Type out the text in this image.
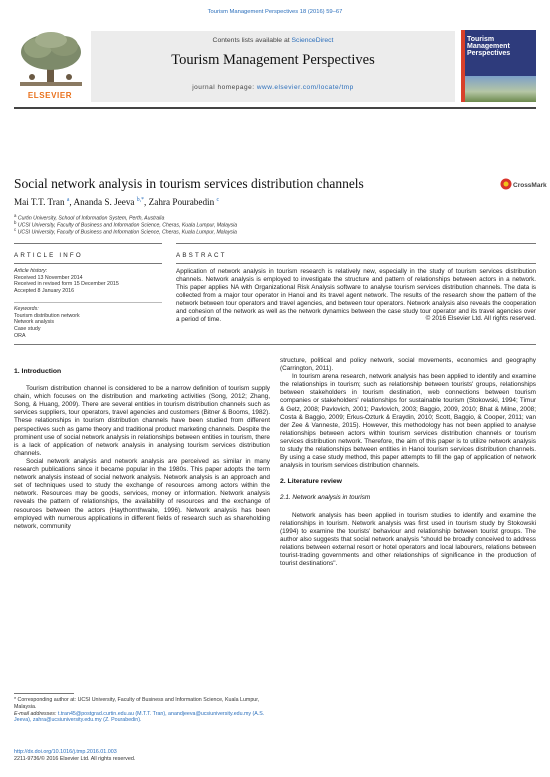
Tourism Management Perspectives 18 (2016) 59–67
ELSEVIER
Contents lists available at ScienceDirect
Tourism Management Perspectives
journal homepage: www.elsevier.com/locate/tmp
Tourism
Management
Perspectives
Social network analysis in tourism services distribution channels	CrossMark
Mai T.T. Tran $^a$, Ananda S. Jeeva $^{b,*}$, Zahra Pourabedin $^c$
$^a$ Curtin University, School of Information System, Perth, Australia
$^b$ UCSI University, Faculty of Business and Information Science, Cheras, Kuala Lumpur, Malaysia
$^c$ UCSI University, Faculty of Business and Information Science, Cheras, Kuala Lumpur, Malaysia
ARTICLE INFO	ABSTRACT
Article history:
Received 13 November 2014
Received in revised form 15 December 2015
Accepted 8 January 2016
Keywords:
Tourism distribution network
Network analysis
Case study
ORA
Application of network analysis in tourism research is relatively new, especially in the study of tourism services distribution channels. Network analysis is employed to investigate the structure and pattern of relationships between actors in a network. This paper applies NA with Organizational Risk Analysis software to analyse tourism services distribution channels. The data is collected from a major tour operator in Hanoi and its travel agent network. The results of the research show the pattern of the network between tour operators and travel agencies, and between tour operators. Network analysis also reveals the cooperation and cohesion of the network as well as the network dynamics between the case study tour operator and its travel agencies over a period of time.	© 2016 Elsevier Ltd. All rights reserved.
1. Introduction

Tourism distribution channel is considered to be a narrow definition of tourism supply chain, which focuses on the distribution and marketing activities (Song, 2012; Zhang, Song, & Huang, 2009). There are several entities in tourism distribution channels such as services suppliers, tour operators, travel agencies and customers (Bitner & Booms, 1982). These relationships in tourism distribution channels have been studied from different perspectives such as game theory and traditional product marketing channels. Despite the prominent use of social network analysis in relationships between entities in tourism, there is a lack of application of network analysis in analysing tourism services distribution channels.

Social network analysis and network analysis are perceived as similar in many research publications since it became popular in the 1980s. This paper adopts the term network analysis instead of social network analysis. Network analysis is an approach and set of techniques used to study the exchange of resources among actors within the network. Resources may be goods, services, money or information. Network analysis reveals the pattern of relationships, the availability of resources and the exchange of resources between the actors (Haythornthwaite, 1996). Network analysis has been employed with numerous applications in different fields of research such as shareholding network, community

* Corresponding author at: UCSI University, Faculty of Business and Information Science, Kuala Lumpur, Malaysia.
E-mail addresses: t.tran45@postgrad.curtin.edu.au (M.T.T. Tran), anandjeeva@ucsiuniversity.edu.my (A.S. Jeeva), zahra@ucsiuniversity.edu.my (Z. Pourabedin).
http://dx.doi.org/10.1016/j.tmp.2016.01.003
2211-9736/© 2016 Elsevier Ltd. All rights reserved.

structure, political and policy network, social movements, economics and geography (Carrington, 2011).

In tourism arena research, network analysis has been applied to identify and examine the relationships in tourism; such as relationship between tourists' groups, relationships between stakeholders in tourism destination, web connections between tourism companies or stakeholders' relationships for sustainable tourism (Stokowski, 1994; Timur & Getz, 2008; Pavlovich, 2001; Pavlovich, 2003; Baggio, 2009, 2010; Bhat & Milne, 2008; Costa & Baggio, 2009; Erkus-Ozturk & Eraydin, 2010; Scott, Baggio, & Cooper, 2011; van der Zee & Vanneste, 2015). However, this methodology has not been applied to analyse relationships between actors within tourism services distribution channels or tourism services distribution network. Therefore, the aim of this paper is to utilize network analysis to study the relationships between entities in Hanoi tourism services distribution channels. By using a case study method, this paper attempts to fill the gap of application of network analysis in tourism services distribution channels.

2. Literature review
2.1. Network analysis in tourism

Network analysis has been applied in tourism studies to identify and examine the relationships in tourism. Network analysis was first used in tourism study by Stokowski (1994) to examine the tourists' behaviour and relationship between tourist groups. The author also suggests that social network analysis "should be broadly conceived to address relations between external resort or hotel operators and local labourers, relations between tourist-trading governments and other relationships of significance in the production of tourist destinations".
